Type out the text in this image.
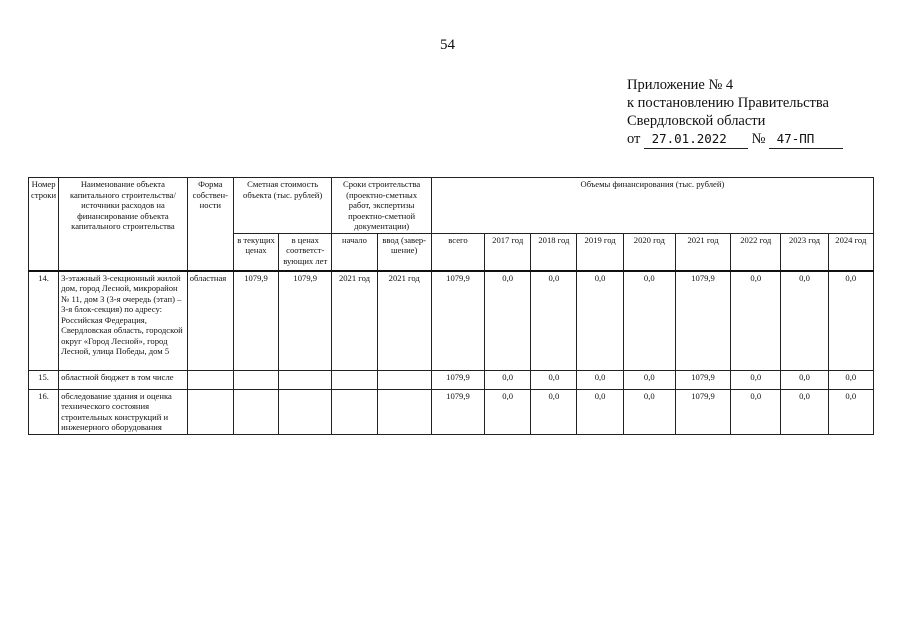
54
Приложение № 4
к постановлению Правительства
Свердловской области
от 27.01.2022 № 47-ПП
Номер строки	Наименование объекта капитального строительства/ источники расходов на финансирование объекта капитального строительства	Форма собствен-ности	Сметная стоимость объекта (тыс. рублей)		Сроки строительства (проектно-сметных работ, экспертизы проектно-сметной документации)		Объемы финансирования (тыс. рублей)								
			в текущих ценах	в ценах соответст-вующих лет	начало	ввод (завер-шение)	всего	2017 год	2018 год	2019 год	2020 год	2021 год	2022 год	2023 год	2024 год
14.	3-этажный 3-секционный жилой дом, город Лесной, микрорайон № 11, дом 3 (3-я очередь (этап) – 3-я блок-секция) по адресу: Российская Федерация, Свердловская область, городской округ «Город Лесной», город Лесной, улица Победы, дом 5	областная	1079,9	1079,9	2021 год	2021 год	1079,9	0,0	0,0	0,0	0,0	1079,9	0,0	0,0	0,0
15.	областной бюджет в том числе						1079,9	0,0	0,0	0,0	0,0	1079,9	0,0	0,0	0,0
16.	обследование здания и оценка технического состояния строительных конструкций и инженерного оборудования						1079,9	0,0	0,0	0,0	0,0	1079,9	0,0	0,0	0,0
